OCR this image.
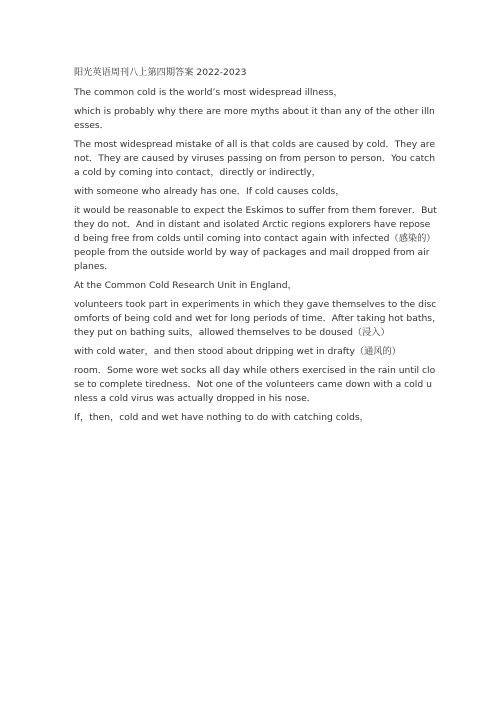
阳光英语周刊八上第四期答案 2022-2023
The common cold is the world’s most widespread illness，
which is probably why there are more myths about it than any of the other illn
esses．
The most widespread mistake of all is that colds are caused by cold．They are
not．They are caused by viruses passing on from person to person．You catch
a cold by coming into contact，directly or indirectly，
with someone who already has one．If cold causes colds，
it would be reasonable to expect the Eskimos to suffer from them forever．But
they do not．And in distant and isolated Arctic regions explorers have repose
d being free from colds until coming into contact again with infected（感染的）
people from the outside world by way of packages and mail dropped from air
planes．
At the Common Cold Research Unit in England，
volunteers took part in experiments in which they gave themselves to the disc
omforts of being cold and wet for long periods of time．After taking hot baths，
they put on bathing suits，allowed themselves to be doused（浸入）
with cold water，and then stood about dripping wet in drafty（通风的）
room．Some wore wet socks all day while others exercised in the rain until clo
se to complete tiredness．Not one of the volunteers came down with a cold u
nless a cold virus was actually dropped in his nose．
If，then，cold and wet have nothing to do with catching colds，
